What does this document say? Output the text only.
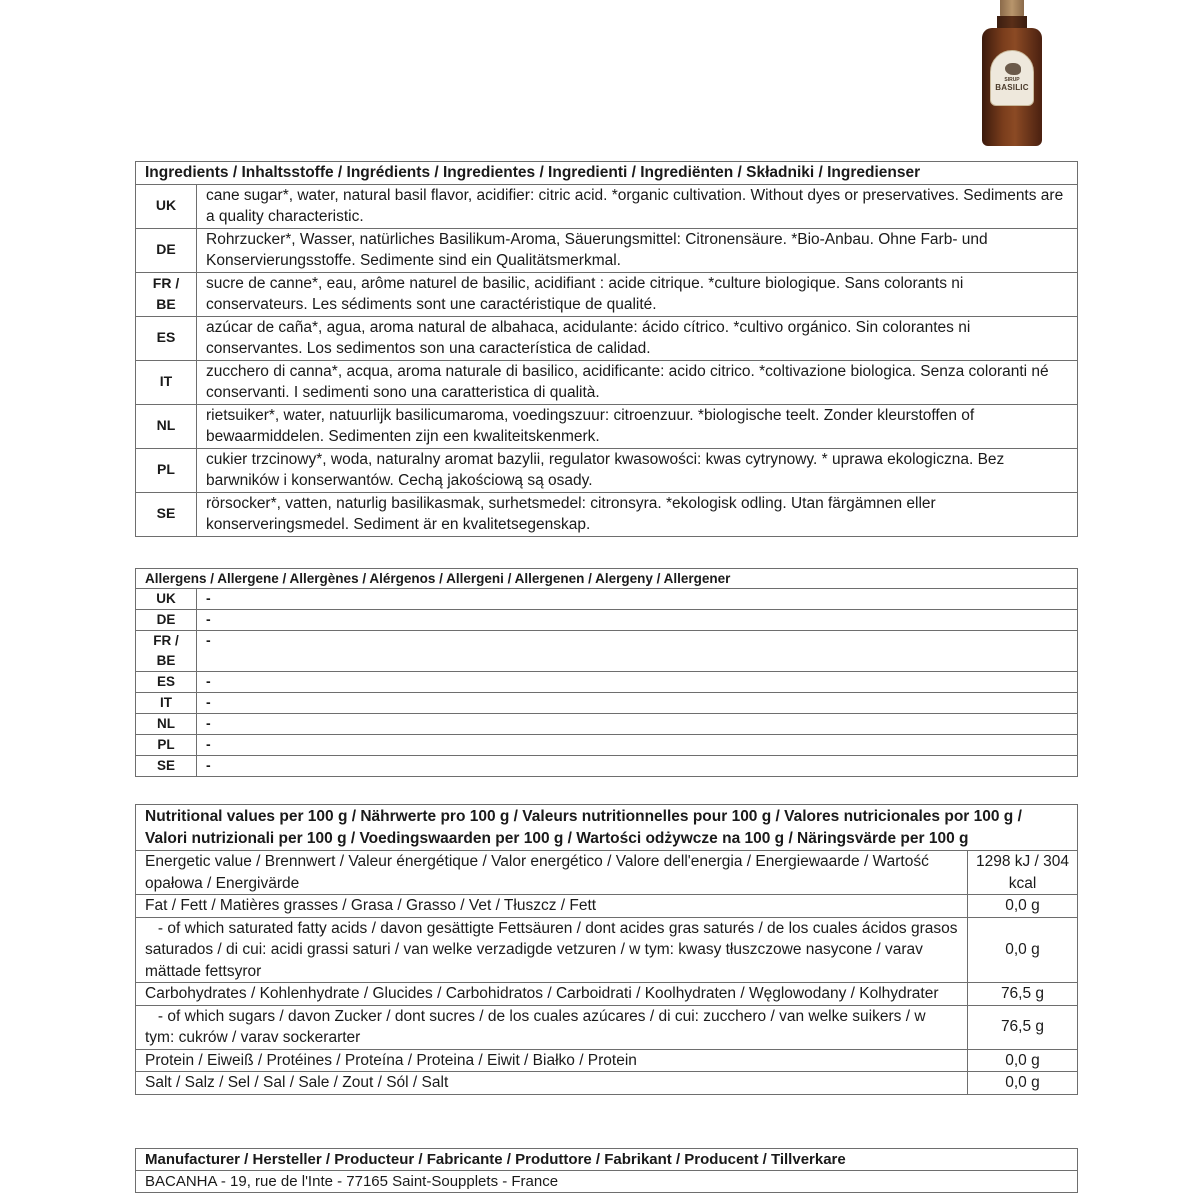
SIRUP
BASILIC
Ingredients / Inhaltsstoffe / Ingrédients / Ingredientes / Ingredienti / Ingrediënten / Składniki / Ingredienser	
UK	cane sugar*, water, natural basil flavor, acidifier: citric acid. *organic cultivation. Without dyes or preservatives. Sediments are a quality characteristic.
DE	Rohrzucker*, Wasser, natürliches Basilikum-Aroma, Säuerungsmittel: Citronensäure. *Bio-Anbau. Ohne Farb- und Konservierungsstoffe. Sedimente sind ein Qualitätsmerkmal.
FR / BE	sucre de canne*, eau, arôme naturel de basilic, acidifiant : acide citrique. *culture biologique. Sans colorants ni conservateurs. Les sédiments sont une caractéristique de qualité.
ES	azúcar de caña*, agua, aroma natural de albahaca, acidulante: ácido cítrico. *cultivo orgánico. Sin colorantes ni conservantes. Los sedimentos son una característica de calidad.
IT	zucchero di canna*, acqua, aroma naturale di basilico, acidificante: acido citrico. *coltivazione biologica. Senza coloranti né conservanti. I sedimenti sono una caratteristica di qualità.
NL	rietsuiker*, water, natuurlijk basilicumaroma, voedingszuur: citroenzuur. *biologische teelt. Zonder kleurstoffen of bewaarmiddelen. Sedimenten zijn een kwaliteitskenmerk.
PL	cukier trzcinowy*, woda, naturalny aromat bazylii, regulator kwasowości: kwas cytrynowy. * uprawa ekologiczna. Bez barwników i konserwantów. Cechą jakościową są osady.
SE	rörsocker*, vatten, naturlig basilikasmak, surhetsmedel: citronsyra. *ekologisk odling. Utan färgämnen eller konserveringsmedel. Sediment är en kvalitetsegenskap.
Allergens / Allergene / Allergènes / Alérgenos / Allergeni / Allergenen / Alergeny / Allergener	
UK	-
DE	-
FR / BE	-
ES	-
IT	-
NL	-
PL	-
SE	-
Nutritional values per 100 g / Nährwerte pro 100 g / Valeurs nutritionnelles pour 100 g / Valores nutricionales por 100 g / Valori nutrizionali per 100 g / Voedingswaarden per 100 g / Wartości odżywcze na 100 g / Näringsvärde per 100 g	
Energetic value / Brennwert / Valeur énergétique / Valor energético / Valore dell'energia / Energiewaarde / Wartość opałowa / Energivärde	1298 kJ / 304 kcal
Fat / Fett / Matières grasses / Grasa / Grasso / Vet / Tłuszcz / Fett	0,0 g
- of which saturated fatty acids / davon gesättigte Fettsäuren / dont acides gras saturés / de los cuales ácidos grasos saturados / di cui: acidi grassi saturi / van welke verzadigde vetzuren / w tym: kwasy tłuszczowe nasycone / varav mättade fettsyror	0,0 g
Carbohydrates / Kohlenhydrate / Glucides / Carbohidratos / Carboidrati / Koolhydraten / Węglowodany / Kolhydrater	76,5 g
- of which sugars / davon Zucker / dont sucres / de los cuales azúcares / di cui: zucchero / van welke suikers / w tym: cukrów / varav sockerarter	76,5 g
Protein / Eiweiß / Protéines / Proteína / Proteina / Eiwit / Białko / Protein	0,0 g
Salt / Salz / Sel / Sal / Sale / Zout / Sól / Salt	0,0 g
Manufacturer / Hersteller / Producteur / Fabricante / Produttore / Fabrikant / Producent / Tillverkare
BACANHA - 19, rue de l'Inte - 77165 Saint-Soupplets - France
